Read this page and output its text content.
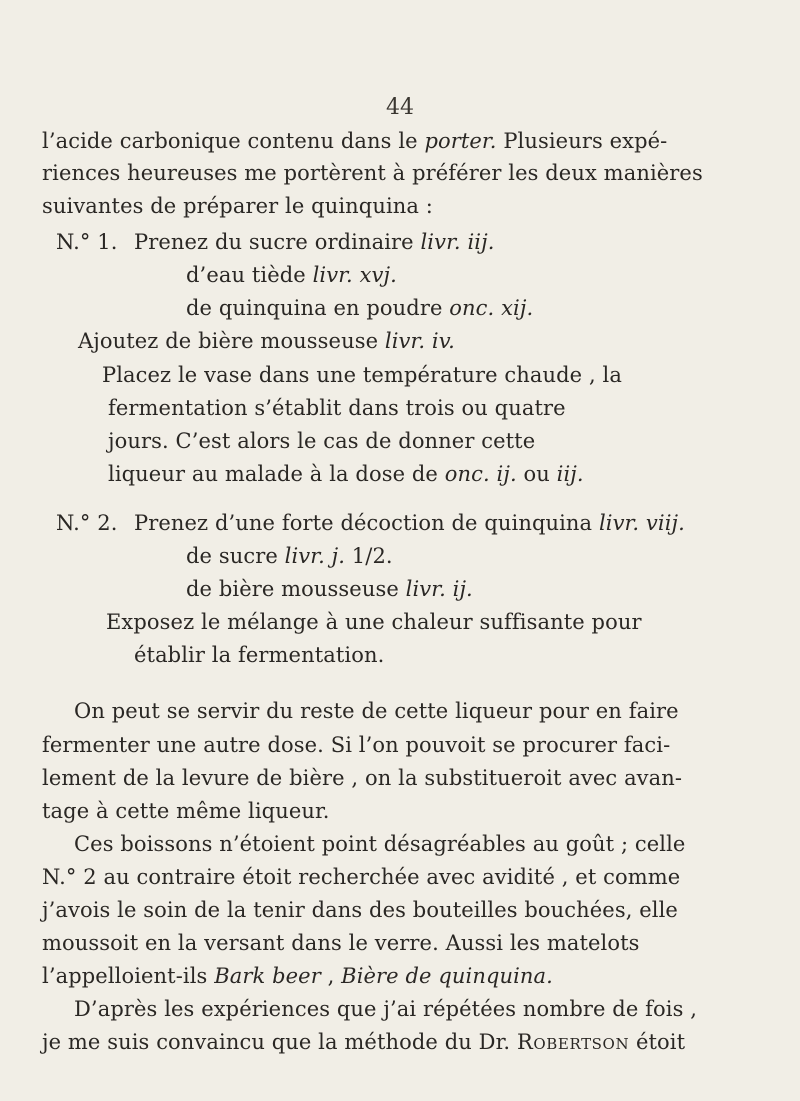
44
l’acide carbonique contenu dans le porter. Plusieurs expé-
riences heureuses me portèrent à préférer les deux manières
suivantes de préparer le quinquina :
N.° 1. Prenez du sucre ordinaire livr. iij.
d’eau tiède livr. xvj.
de quinquina en poudre onc. xij.
Ajoutez de bière mousseuse livr. iv.
Placez le vase dans une température chaude , la
fermentation s’établit dans trois ou quatre
jours. C’est alors le cas de donner cette
liqueur au malade à la dose de onc. ij. ou iij.
N.° 2. Prenez d’une forte décoction de quinquina livr. viij.
de sucre livr. j. 1/2.
de bière mousseuse livr. ij.
Exposez le mélange à une chaleur suffisante pour
établir la fermentation.
On peut se servir du reste de cette liqueur pour en faire
fermenter une autre dose. Si l’on pouvoit se procurer faci-
lement de la levure de bière , on la substitueroit avec avan-
tage à cette même liqueur.
Ces boissons n’étoient point désagréables au goût ; celle
N.° 2 au contraire étoit recherchée avec avidité , et comme
j’avois le soin de la tenir dans des bouteilles bouchées, elle
moussoit en la versant dans le verre. Aussi les matelots
l’appelloient-ils Bark beer , Bière de quinquina.
D’après les expériences que j’ai répétées nombre de fois ,
je me suis convaincu que la méthode du Dr. Robertson étoit
